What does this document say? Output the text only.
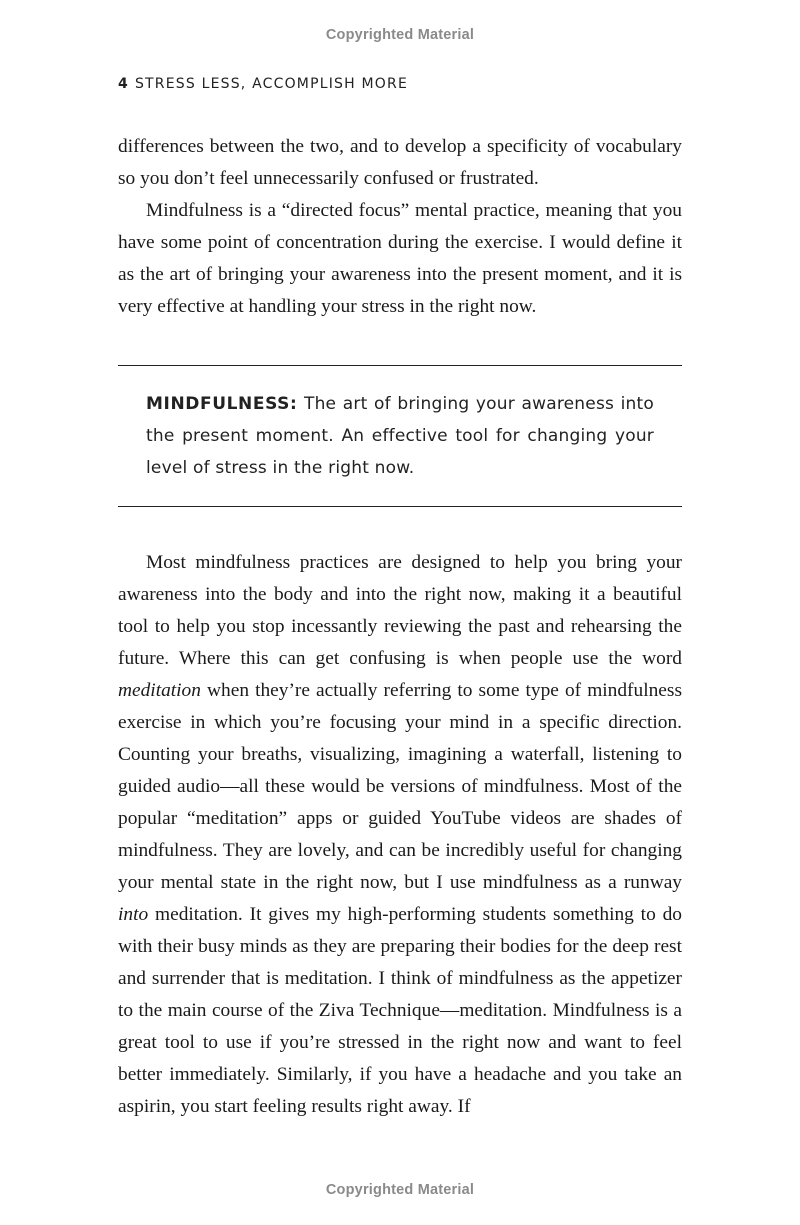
Copyrighted Material
4 STRESS LESS, ACCOMPLISH MORE

differences between the two, and to develop a specificity of vocabulary so you don’t feel unnecessarily confused or frustrated.

Mindfulness is a “directed focus” mental practice, meaning that you have some point of concentration during the exercise. I would define it as the art of bringing your awareness into the present moment, and it is very effective at handling your stress in the right now.

MINDFULNESS: The art of bringing your awareness into the present moment. An effective tool for changing your level of stress in the right now.

Most mindfulness practices are designed to help you bring your awareness into the body and into the right now, making it a beautiful tool to help you stop incessantly reviewing the past and rehearsing the future. Where this can get confusing is when people use the word meditation when they’re actually referring to some type of mindfulness exercise in which you’re focusing your mind in a specific direction. Counting your breaths, visualizing, imagining a waterfall, listening to guided audio—all these would be versions of mindfulness. Most of the popular “meditation” apps or guided YouTube videos are shades of mindfulness. They are lovely, and can be incredibly useful for changing your mental state in the right now, but I use mindfulness as a runway into meditation. It gives my high-performing students something to do with their busy minds as they are preparing their bodies for the deep rest and surrender that is meditation. I think of mindfulness as the appetizer to the main course of the Ziva Technique—meditation. Mindfulness is a great tool to use if you’re stressed in the right now and want to feel better immediately. Similarly, if you have a headache and you take an aspirin, you start feeling results right away. If

Copyrighted Material
